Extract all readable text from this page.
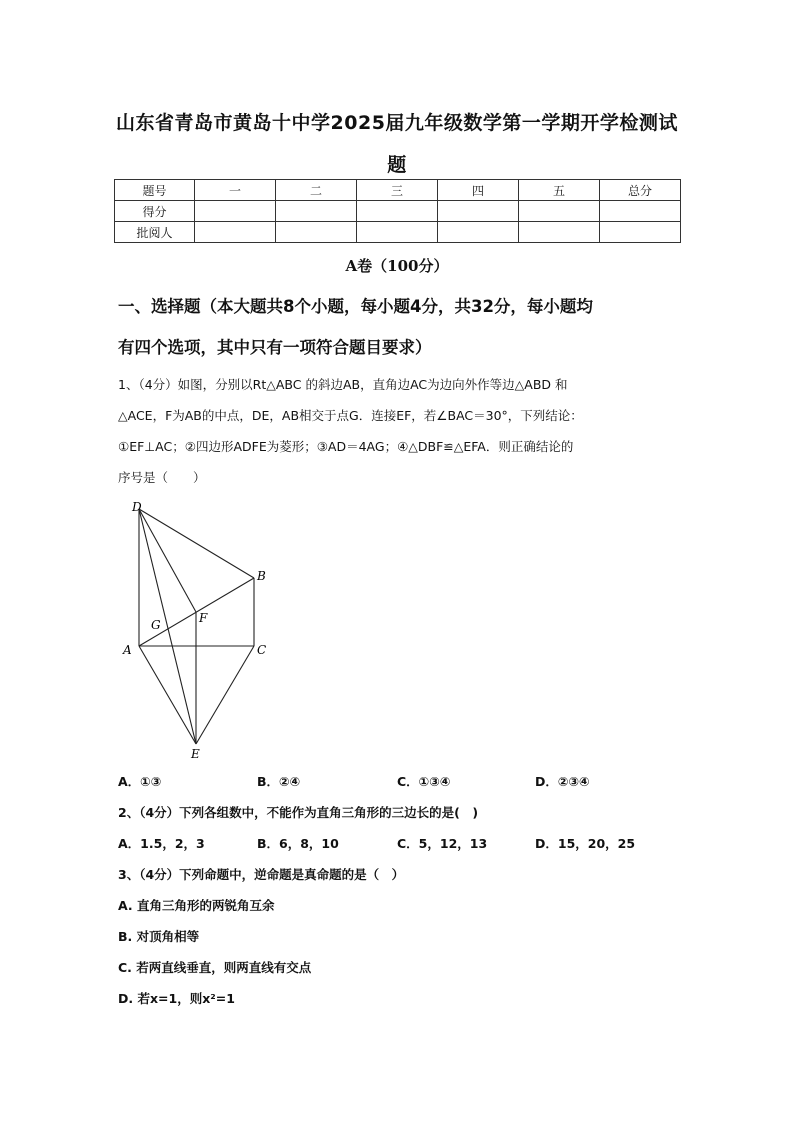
山东省青岛市黄岛十中学2025届九年级数学第一学期开学检测试
题
题号	一	二	三	四	五	总分
得分						
批阅人						
A卷（100分）
一、选择题（本大题共8个小题，每小题4分，共32分，每小题均
有四个选项，其中只有一项符合题目要求）
1、（4分）如图，分别以Rt△ABC 的斜边AB，直角边AC为边向外作等边△ABD 和
△ACE，F为AB的中点，DE，AB相交于点G．连接EF，若∠BAC＝30°，下列结论：
①EF⊥AC；②四边形ADFE为菱形；③AD＝4AG；④△DBF≌△EFA．则正确结论的
序号是（　　）
D
B
F
G
A	C
E
A．①③	B．②④	C．①③④	D．②③④
2、（4分）下列各组数中，不能作为直角三角形的三边长的是(　)
A．1.5，2，3	B．6，8，10	C．5，12，13	D．15，20，25
3、（4分）下列命题中，逆命题是真命题的是（　）
A. 直角三角形的两锐角互余
B. 对顶角相等
C. 若两直线垂直，则两直线有交点
D. 若x=1，则x²=1
